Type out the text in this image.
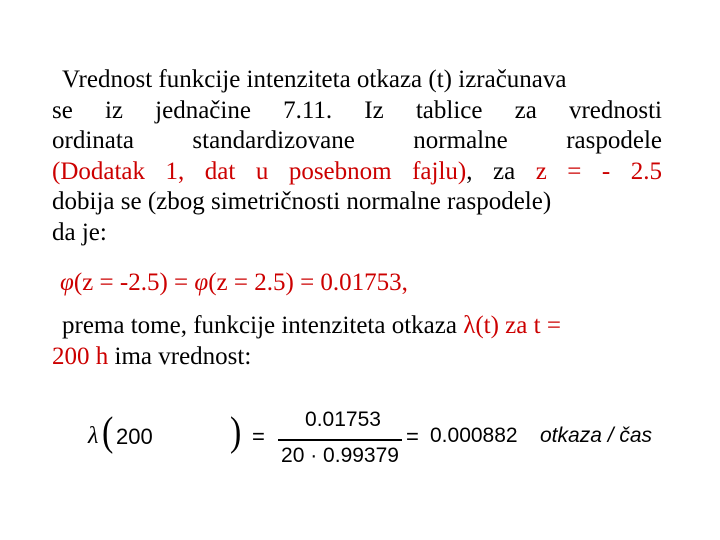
Vrednost funkcije intenziteta otkaza (t) izračunava
se iz jednačine 7.11. Iz tablice za vrednosti
ordinata standardizovane normalne raspodele
(Dodatak 1, dat u posebnom fajlu), za z = - 2.5
dobija se (zbog simetričnosti normalne raspodele)
da je:
φ(z = -2.5) = φ(z = 2.5) = 0.01753,
prema tome, funkcije intenziteta otkaza λ(t) za t =
200 h ima vrednost:
λ ( 200 ) =
0.01753
20 · 0.99379
= 0.000882 otkaza / čas
